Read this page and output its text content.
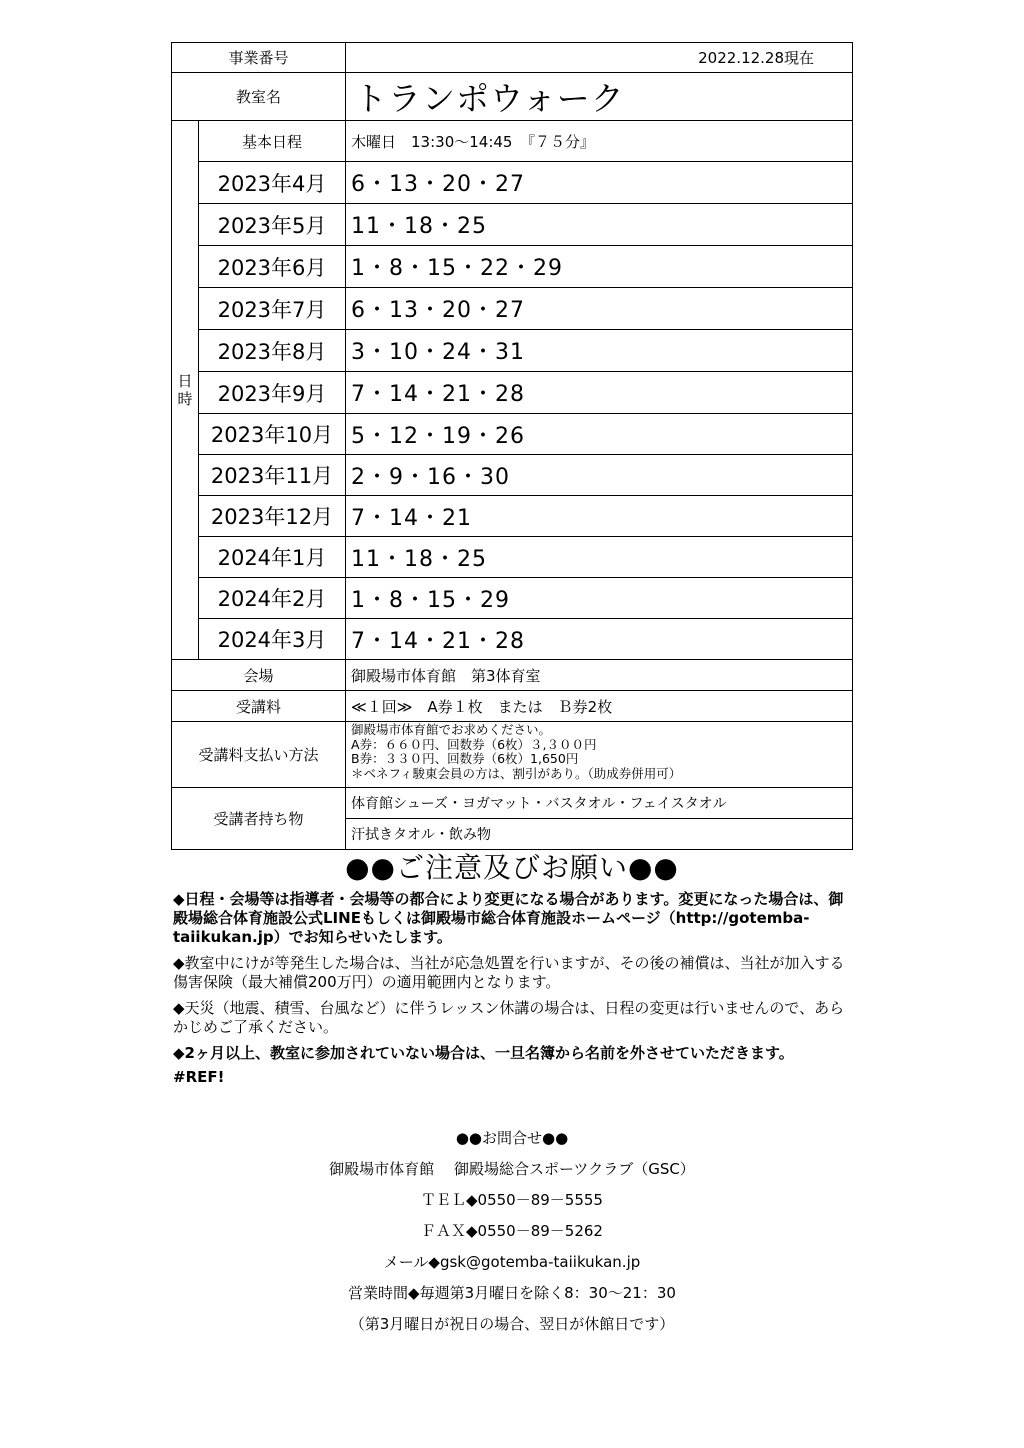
事業番号		2022.12.28現在
教室名		トランポウォーク
日時	基本日程	木曜日　13:30～14:45　『７５分』
	2023年4月	6・13・20・27
	2023年5月	11・18・25
	2023年6月	1・8・15・22・29
	2023年7月	6・13・20・27
	2023年8月	3・10・24・31
	2023年9月	7・14・21・28
	2023年10月	5・12・19・26
	2023年11月	2・9・16・30
	2023年12月	7・14・21
	2024年1月	11・18・25
	2024年2月	1・8・15・29
	2024年3月	7・14・21・28
会場		御殿場市体育館　第3体育室
受講料		≪１回≫　A券１枚　または　Ｂ券2枚
受講料支払い方法		御殿場市体育館でお求めください。
A券：６６０円、回数券（6枚）３,３００円
B券：３３０円、回数券（6枚）1,650円
＊ベネフィ駿東会員の方は、割引があり。（助成券併用可）

受講者持ち物		体育館シューズ・ヨガマット・バスタオル・フェイスタオル
		汗拭きタオル・飲み物
●●ご注意及びお願い●●

◆日程・会場等は指導者・会場等の都合により変更になる場合があります。変更になった場合は、御殿場総合体育施設公式LINEもしくは御殿場市総合体育施設ホームページ（http://gotemba-taiikukan.jp）でお知らせいたします。

◆教室中にけが等発生した場合は、当社が応急処置を行いますが、その後の補償は、当社が加入する傷害保険（最大補償200万円）の適用範囲内となります。

◆天災（地震、積雪、台風など）に伴うレッスン休講の場合は、日程の変更は行いませんので、あらかじめご了承ください。

◆2ヶ月以上、教室に参加されていない場合は、一旦名簿から名前を外させていただきます。

#REF!
●●お問合せ●●
御殿場市体育館　 御殿場総合スポーツクラブ（GSC）
ＴＥＬ◆0550－89－5555
ＦＡＸ◆0550－89－5262
メール◆gsk@gotemba-taiikukan.jp
営業時間◆毎週第3月曜日を除く8：30～21：30
（第3月曜日が祝日の場合、翌日が休館日です）
